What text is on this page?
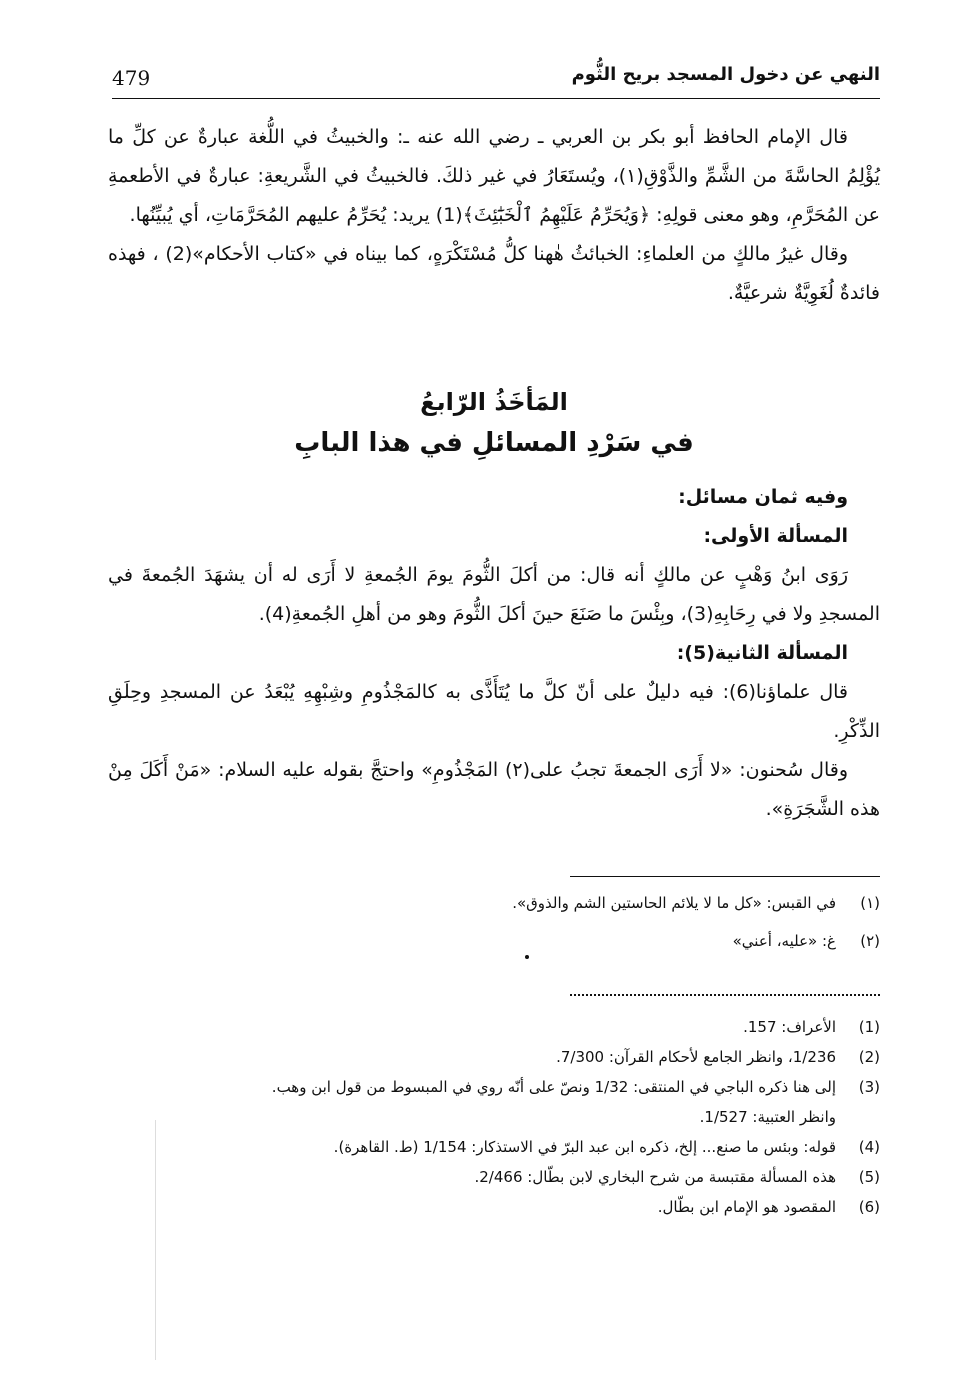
479	النهي عن دخول المسجد بريح الثُّوم

قال الإمام الحافظ أبو بكر بن العربي ـ رضي الله عنه ـ: والخبيثُ في اللُّغة عبارةٌ عن كلِّ ما يُؤْلِمُ الحاسَّةَ من الشَّمِّ والذَّوْقِ(١)، ويُستَعَارُ في غير ذلكَ. فالخبيثُ في الشَّريعةِ: عبارةٌ في الأطعمةِ عن المُحَرَّمِ، وهو معنى قولِهِ: ﴿وَيُحَرِّمُ عَلَيْهِمُ ٱلْخَبَٰٓئِثَ﴾(1) يريد: يُحَرِّمُ عليهم المُحَرَّمَاتِ، أي يُبيِّنُها.

وقال غيرُ مالكٍ من العلماءِ: الخبائثُ هٰهنا كلُّ مُسْتَكْرَهٍ، كما بيناه في «كتاب الأحكام»(2) ، فهذه فائدةٌ لُغَوِيَّةٌ شرعيَّةٌ.

المَأخَذُ الرّابعُ
في سَرْدِ المسائلِ في هذا البابِ

وفيه ثمان مسائل:

المسألة الأولى:

رَوَى ابنُ وَهْبٍ عن مالكٍ أنه قال: من أكلَ الثُّومَ يومَ الجُمعةِ لا أَرَى له أن يشهَدَ الجُمعةَ في المسجدِ ولا في رِحَابِهِ(3)، وبِئْسَ ما صَنَعَ حينَ أكلَ الثُّومَ وهو من أهلِ الجُمعةِ(4).

المسألة الثانية(5):

قال علماؤنا(6): فيه دليلٌ على أنّ كلَّ ما يُتَأَذَّى به كالمَجْذُومِ وشِبْهِهِ يُبْعَدُ عن المسجدِ وحِلَقِ الذِّكْرِ.

وقال سُحنون: «لا أَرَى الجمعةَ تجبُ على(٢) المَجْذُومِ» واحتجَّ بقوله عليه السلام: «مَنْ أَكَلَ مِنْ هذه الشَّجَرَةِ».

(١)في القبس: «كل ما لا يلائم الحاستين الشم والذوق».
(٢)غ: «عليه، أعني»
(1)الأعراف: 157.
(2)1/236، وانظر الجامع لأحكام القرآن: 7/300.
(3)إلى هنا ذكره الباجي في المنتقى: 1/32 ونصّ على أنّه روي في المبسوط من قول ابن وهب.
وانظر العتبية: 1/527.
(4)قوله: وبئس ما صنع... إلخ، ذكره ابن عبد البرّ في الاستذكار: 1/154 (ط. القاهرة).
(5)هذه المسألة مقتبسة من شرح البخاري لابن بطّال: 2/466.
(6)المقصود هو الإمام ابن بطّال.
